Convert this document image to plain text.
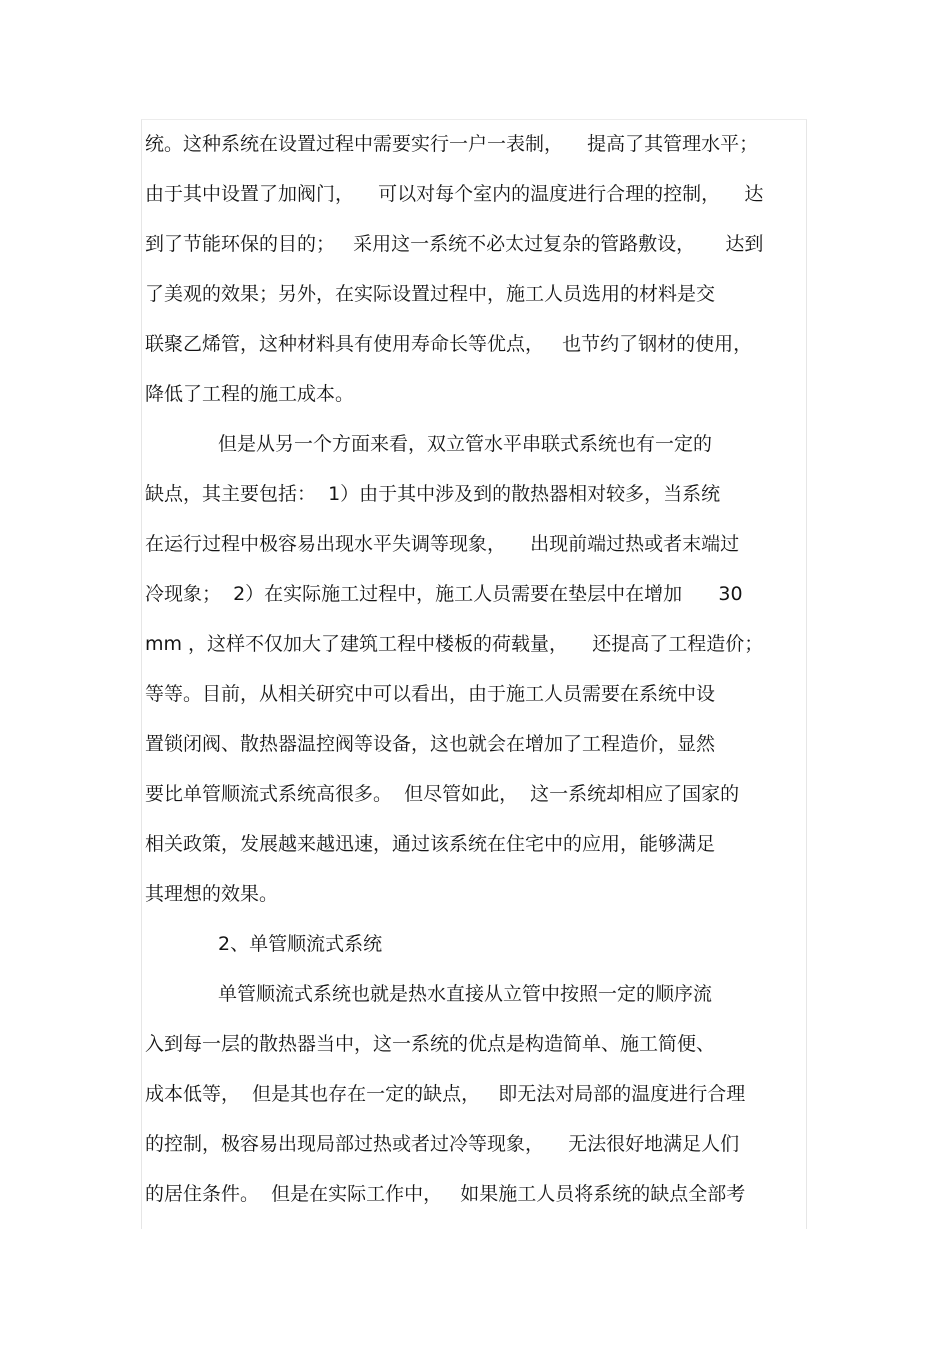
统。这种系统在设置过程中需要实行一户一表制，    提高了其管理水平；
由于其中设置了加阀门，    可以对每个室内的温度进行合理的控制，    达
到了节能环保的目的；   采用这一系统不必太过复杂的管路敷设，     达到
了美观的效果；另外，在实际设置过程中，施工人员选用的材料是交
联聚乙烯管，这种材料具有使用寿命长等优点，   也节约了钢材的使用，
降低了工程的施工成本。
但是从另一个方面来看，双立管水平串联式系统也有一定的
缺点，其主要包括：  1）由于其中涉及到的散热器相对较多，当系统
在运行过程中极容易出现水平失调等现象，    出现前端过热或者末端过
冷现象；  2）在实际施工过程中，施工人员需要在垫层中在增加      30
mm ，这样不仅加大了建筑工程中楼板的荷载量，    还提高了工程造价；
等等。目前，从相关研究中可以看出，由于施工人员需要在系统中设
置锁闭阀、散热器温控阀等设备，这也就会在增加了工程造价，显然
要比单管顺流式系统高很多。  但尽管如此，  这一系统却相应了国家的
相关政策，发展越来越迅速，通过该系统在住宅中的应用，能够满足
其理想的效果。
2、单管顺流式系统
单管顺流式系统也就是热水直接从立管中按照一定的顺序流
入到每一层的散热器当中，这一系统的优点是构造简单、施工简便、
成本低等，  但是其也存在一定的缺点，   即无法对局部的温度进行合理
的控制，极容易出现局部过热或者过冷等现象，    无法很好地满足人们
的居住条件。  但是在实际工作中，   如果施工人员将系统的缺点全部考
